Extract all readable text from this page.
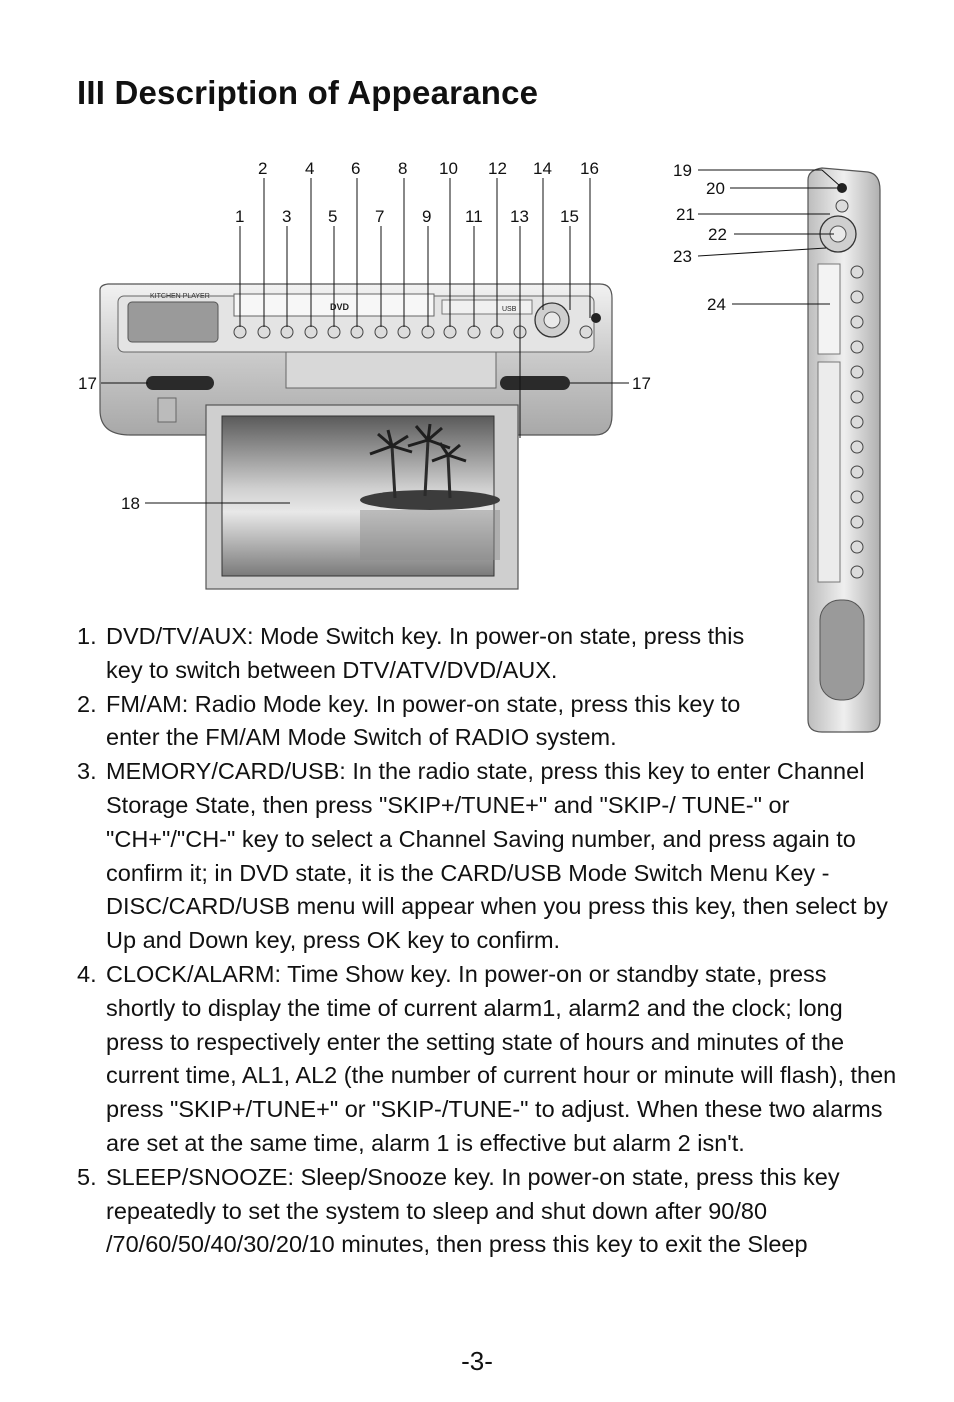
III Description of Appearance
KITCHEN PLAYER
DVD	USB
2 4 6 8 10 12 14 16
1 3 5 7 9 11 13 15
17	17
18
19
20
21
22
23
24
1. DVD/TV/AUX: Mode Switch key. In power-on state, press this key to switch between DTV/ATV/DVD/AUX.
2. FM/AM: Radio Mode key. In power-on state, press this key to enter the FM/AM Mode Switch of RADIO system.
3. MEMORY/CARD/USB: In the radio state, press this key to enter Channel Storage State, then press "SKIP+/TUNE+" and "SKIP-/ TUNE-" or "CH+"/"CH-" key to select a Channel Saving number, and press again to confirm it; in DVD state, it is the CARD/USB Mode Switch Menu Key - DISC/CARD/USB menu will appear when you press this key, then select by Up and Down key, press OK key to confirm.
4. CLOCK/ALARM: Time Show key. In power-on or standby state, press shortly to display the time of current alarm1, alarm2 and the clock; long press to respectively enter the setting state of hours and minutes of the current time, AL1, AL2 (the number of current hour or minute will flash), then press "SKIP+/TUNE+" or "SKIP-/TUNE-" to adjust. When these two alarms are set at the same time, alarm 1 is effective but alarm 2 isn't.
5. SLEEP/SNOOZE: Sleep/Snooze key. In power-on state, press this key repeatedly to set the system to sleep and shut down after 90/80 /70/60/50/40/30/20/10 minutes, then press this key to exit the Sleep
-3-
